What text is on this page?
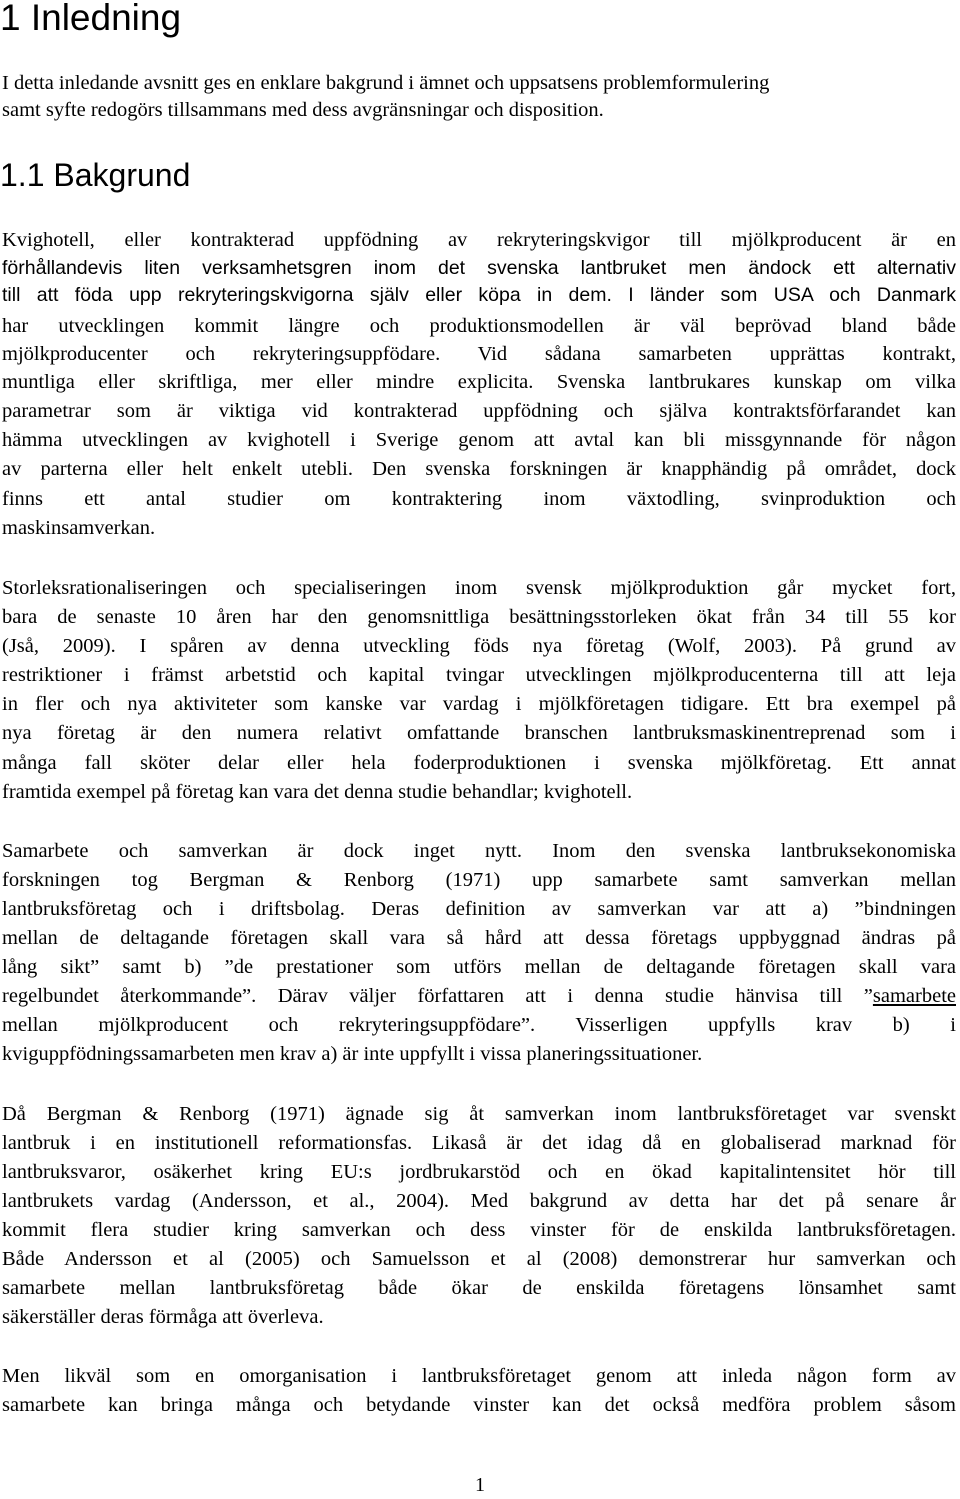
1 Inledning
I detta inledande avsnitt ges en enklare bakgrund i ämnet och uppsatsens problemformulering
samt syfte redogörs tillsammans med dess avgränsningar och disposition.
1.1 Bakgrund
Kvighotell, eller kontrakterad uppfödning av rekryteringskvigor till mjölkproducent är en
förhållandevis liten verksamhetsgren inom det svenska lantbruket men ändock ett alternativ
till att föda upp rekryteringskvigorna själv eller köpa in dem. I länder som USA och Danmark
har utvecklingen kommit längre och produktionsmodellen är väl beprövad bland både
mjölkproducenter och rekryteringsuppfödare. Vid sådana samarbeten upprättas kontrakt,
muntliga eller skriftliga, mer eller mindre explicita. Svenska lantbrukares kunskap om vilka
parametrar som är viktiga vid kontrakterad uppfödning och själva kontraktsförfarandet kan
hämma utvecklingen av kvighotell i Sverige genom att avtal kan bli missgynnande för någon
av parterna eller helt enkelt utebli. Den svenska forskningen är knapphändig på området, dock
finns ett antal studier om kontraktering inom växtodling, svinproduktion och
maskinsamverkan.
Storleksrationaliseringen och specialiseringen inom svensk mjölkproduktion går mycket fort,
bara de senaste 10 åren har den genomsnittliga besättningsstorleken ökat från 34 till 55 kor
(Jså, 2009). I spåren av denna utveckling föds nya företag (Wolf, 2003). På grund av
restriktioner i främst arbetstid och kapital tvingar utvecklingen mjölkproducenterna till att leja
in fler och nya aktiviteter som kanske var vardag i mjölkföretagen tidigare. Ett bra exempel på
nya företag är den numera relativt omfattande branschen lantbruksmaskinentreprenad som i
många fall sköter delar eller hela foderproduktionen i svenska mjölkföretag. Ett annat
framtida exempel på företag kan vara det denna studie behandlar; kvighotell.
Samarbete och samverkan är dock inget nytt. Inom den svenska lantbruksekonomiska
forskningen tog Bergman & Renborg (1971) upp samarbete samt samverkan mellan
lantbruksföretag och i driftsbolag. Deras definition av samverkan var att a) ”bindningen
mellan de deltagande företagen skall vara så hård att dessa företags uppbyggnad ändras på
lång sikt” samt b) ”de prestationer som utförs mellan de deltagande företagen skall vara
regelbundet återkommande”. Därav väljer författaren att i denna studie hänvisa till ”samarbete
mellan mjölkproducent och rekryteringsuppfödare”. Visserligen uppfylls krav b) i
kviguppfödningssamarbeten men krav a) är inte uppfyllt i vissa planeringssituationer.
Då Bergman & Renborg (1971) ägnade sig åt samverkan inom lantbruksföretaget var svenskt
lantbruk i en institutionell reformationsfas. Likaså är det idag då en globaliserad marknad för
lantbruksvaror, osäkerhet kring EU:s jordbrukarstöd och en ökad kapitalintensitet hör till
lantbrukets vardag (Andersson, et al., 2004). Med bakgrund av detta har det på senare år
kommit flera studier kring samverkan och dess vinster för de enskilda lantbruksföretagen.
Både Andersson et al (2005) och Samuelsson et al (2008) demonstrerar hur samverkan och
samarbete mellan lantbruksföretag både ökar de enskilda företagens lönsamhet samt
säkerställer deras förmåga att överleva.
Men likväl som en omorganisation i lantbruksföretaget genom att inleda någon form av
samarbete kan bringa många och betydande vinster kan det också medföra problem såsom
1
